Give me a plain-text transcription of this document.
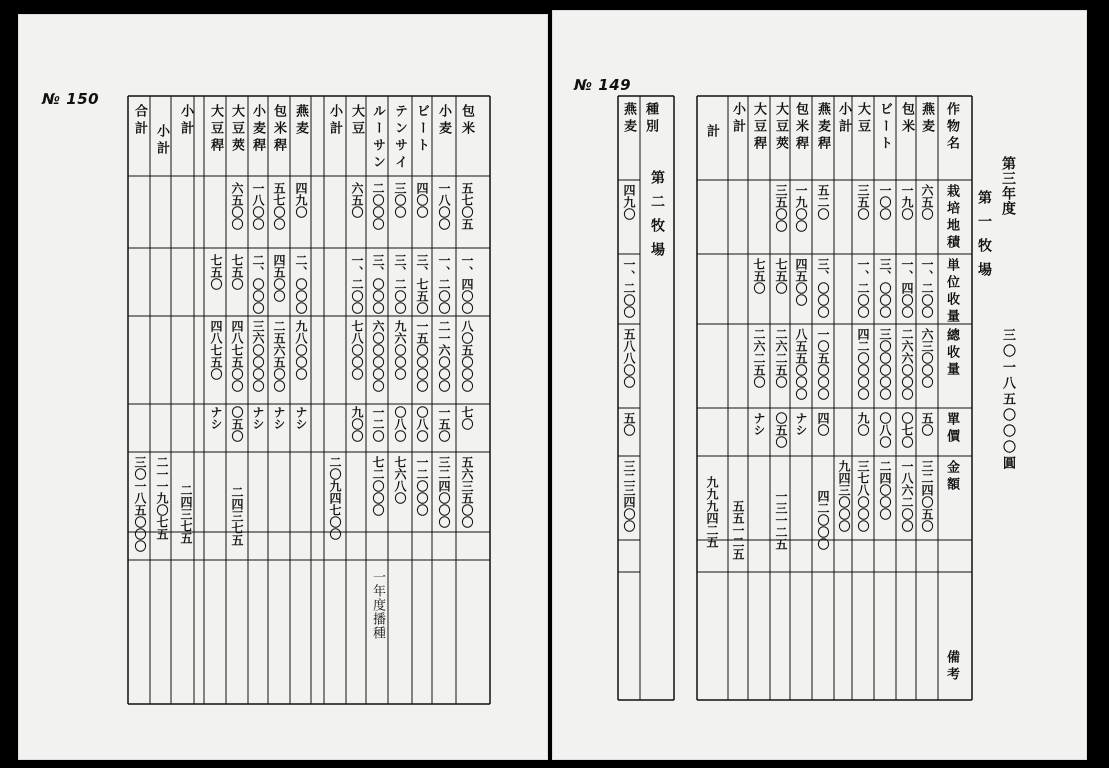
№ 150
包米
五七〇五
一、四〇〇
八〇五〇〇〇
七〇
五六三五〇〇
小麦
一八〇〇
一、二〇〇
二一六〇〇〇
一五〇
三二四〇〇〇
ビート
四〇〇
三、七五〇
一五〇〇〇〇
〇八〇
一二〇〇〇
テンサイ
三〇〇
三、二〇〇
九六〇〇〇
〇八〇
七六八〇
ルーサン
二〇〇〇
三、〇〇〇
六〇〇〇〇〇
一二〇
七二〇〇〇
大豆
六五〇
一、二〇〇
七八〇〇〇
九〇〇
二〇九四七〇〇
小計
燕麦
四九〇
二、〇〇〇
九八〇〇〇
ナシ
包米稈
五七〇〇
四五〇〇
二五六五〇〇
ナシ
小麦稈
一八〇〇
二、〇〇〇
三六〇〇〇〇
ナシ
大豆莢
六五〇〇
七五〇
四八七五〇〇
〇五〇
二四三七五
大豆稈
七五〇
四八七五〇
ナシ
小計
二四三七五
小計
二一一九〇七五
合計
三〇一八五〇〇〇
一年度播種
№ 149
第三年度
第一牧場
三〇一八五〇〇〇圓
作物名
栽培地積
単位收量
總收量
單價
金額
備考
燕麦
六五〇
一、二〇〇
六三〇〇〇
五〇
三二四〇五〇
包米
一九〇
一、四〇〇
二六六〇〇〇
〇七〇
一八六二〇〇
ビート
一〇〇
三、〇〇〇
三〇〇〇〇〇
〇八〇
二四〇〇〇
大豆
三五〇
一、二〇〇
四二〇〇〇〇
九〇
三七八〇〇〇
小計
九四三〇〇〇
燕麦稈
五二〇
三、〇〇〇
一〇五〇〇〇
四〇
四二〇〇〇
包米稈
一九〇〇
四五〇〇
八五五〇〇〇
ナシ
大豆莢
三五〇〇
七五〇
二六二五〇
〇五〇
一三一二五
大豆稈
七五〇
二六二五〇
ナシ
小計
五五一二五
計
九九九四二五
第二牧場
種別
燕麦
四九〇
一、二〇〇
五八八〇〇
五〇
三二三四〇〇
